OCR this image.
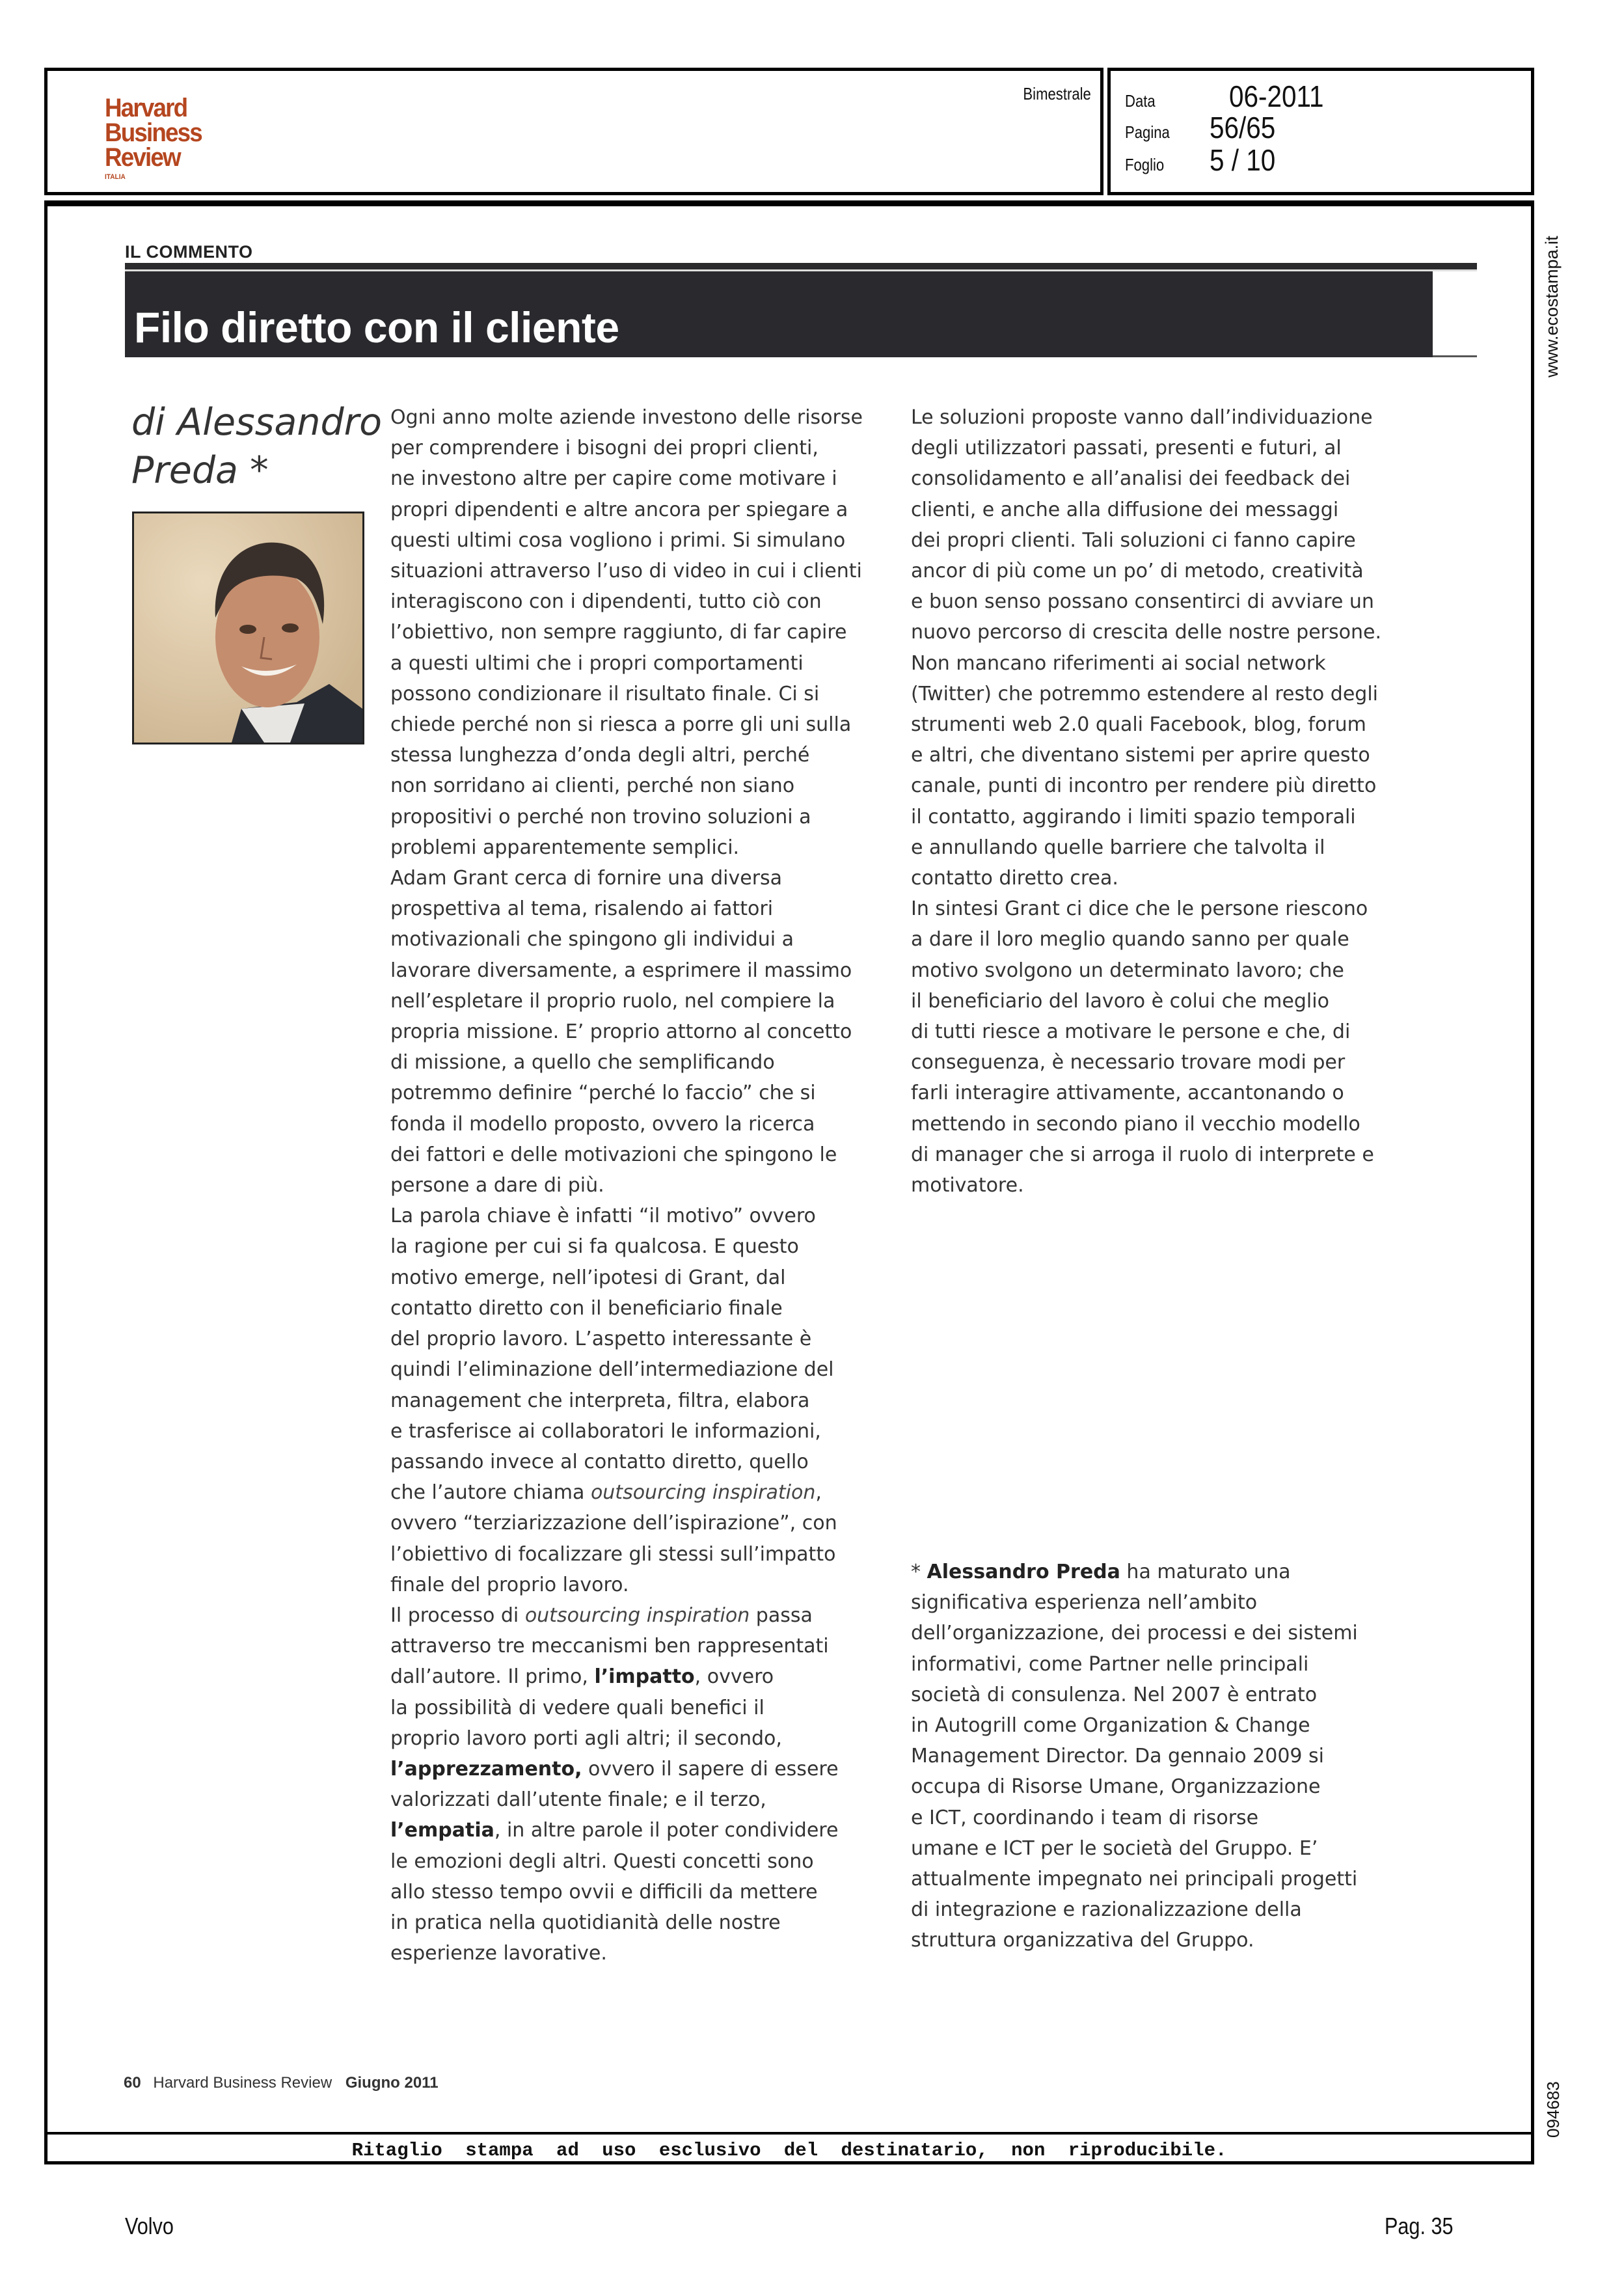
Harvard
Business
Review
ITALIA
Bimestrale Data	06-2011
Pagina	56/65
Foglio	5 / 10
IL COMMENTO
Filo diretto con il cliente
di Alessandro
Preda *
Ogni anno molte aziende investono delle risorse
per comprendere i bisogni dei propri clienti,
ne investono altre per capire come motivare i
propri dipendenti e altre ancora per spiegare a
questi ultimi cosa vogliono i primi. Si simulano
situazioni attraverso l’uso di video in cui i clienti
interagiscono con i dipendenti, tutto ciò con
l’obiettivo, non sempre raggiunto, di far capire
a questi ultimi che i propri comportamenti
possono condizionare il risultato finale. Ci si
chiede perché non si riesca a porre gli uni sulla
stessa lunghezza d’onda degli altri, perché
non sorridano ai clienti, perché non siano
propositivi o perché non trovino soluzioni a
problemi apparentemente semplici.
Adam Grant cerca di fornire una diversa
prospettiva al tema, risalendo ai fattori
motivazionali che spingono gli individui a
lavorare diversamente, a esprimere il massimo
nell’espletare il proprio ruolo, nel compiere la
propria missione. E’ proprio attorno al concetto
di missione, a quello che semplificando
potremmo definire “perché lo faccio” che si
fonda il modello proposto, ovvero la ricerca
dei fattori e delle motivazioni che spingono le
persone a dare di più.
La parola chiave è infatti “il motivo” ovvero
la ragione per cui si fa qualcosa. E questo
motivo emerge, nell’ipotesi di Grant, dal
contatto diretto con il beneficiario finale
del proprio lavoro. L’aspetto interessante è
quindi l’eliminazione dell’intermediazione del
management che interpreta, filtra, elabora
e trasferisce ai collaboratori le informazioni,
passando invece al contatto diretto, quello
che l’autore chiama outsourcing inspiration,
ovvero “terziarizzazione dell’ispirazione”, con
l’obiettivo di focalizzare gli stessi sull’impatto
finale del proprio lavoro.
Il processo di outsourcing inspiration passa
attraverso tre meccanismi ben rappresentati
dall’autore. Il primo, l’impatto, ovvero
la possibilità di vedere quali benefici il
proprio lavoro porti agli altri; il secondo,
l’apprezzamento, ovvero il sapere di essere
valorizzati dall’utente finale; e il terzo,
l’empatia, in altre parole il poter condividere
le emozioni degli altri. Questi concetti sono
allo stesso tempo ovvii e difficili da mettere
in pratica nella quotidianità delle nostre
esperienze lavorative.
Le soluzioni proposte vanno dall’individuazione
degli utilizzatori passati, presenti e futuri, al
consolidamento e all’analisi dei feedback dei
clienti, e anche alla diffusione dei messaggi
dei propri clienti. Tali soluzioni ci fanno capire
ancor di più come un po’ di metodo, creatività
e buon senso possano consentirci di avviare un
nuovo percorso di crescita delle nostre persone.
Non mancano riferimenti ai social network
(Twitter) che potremmo estendere al resto degli
strumenti web 2.0 quali Facebook, blog, forum
e altri, che diventano sistemi per aprire questo
canale, punti di incontro per rendere più diretto
il contatto, aggirando i limiti spazio temporali
e annullando quelle barriere che talvolta il
contatto diretto crea.
In sintesi Grant ci dice che le persone riescono
a dare il loro meglio quando sanno per quale
motivo svolgono un determinato lavoro; che
il beneficiario del lavoro è colui che meglio
di tutti riesce a motivare le persone e che, di
conseguenza, è necessario trovare modi per
farli interagire attivamente, accantonando o
mettendo in secondo piano il vecchio modello
di manager che si arroga il ruolo di interprete e
motivatore.
* Alessandro Preda ha maturato una
significativa esperienza nell’ambito
dell’organizzazione, dei processi e dei sistemi
informativi, come Partner nelle principali
società di consulenza. Nel 2007 è entrato
in Autogrill come Organization & Change
Management Director. Da gennaio 2009 si
occupa di Risorse Umane, Organizzazione
e ICT, coordinando i team di risorse
umane e ICT per le società del Gruppo. E’
attualmente impegnato nei principali progetti
di integrazione e razionalizzazione della
struttura organizzativa del Gruppo.
60 Harvard Business Review Giugno 2011
Ritaglio stampa ad uso esclusivo del destinatario, non riproducibile.
www.ecostampa.it
094683
Volvo	Pag. 35
